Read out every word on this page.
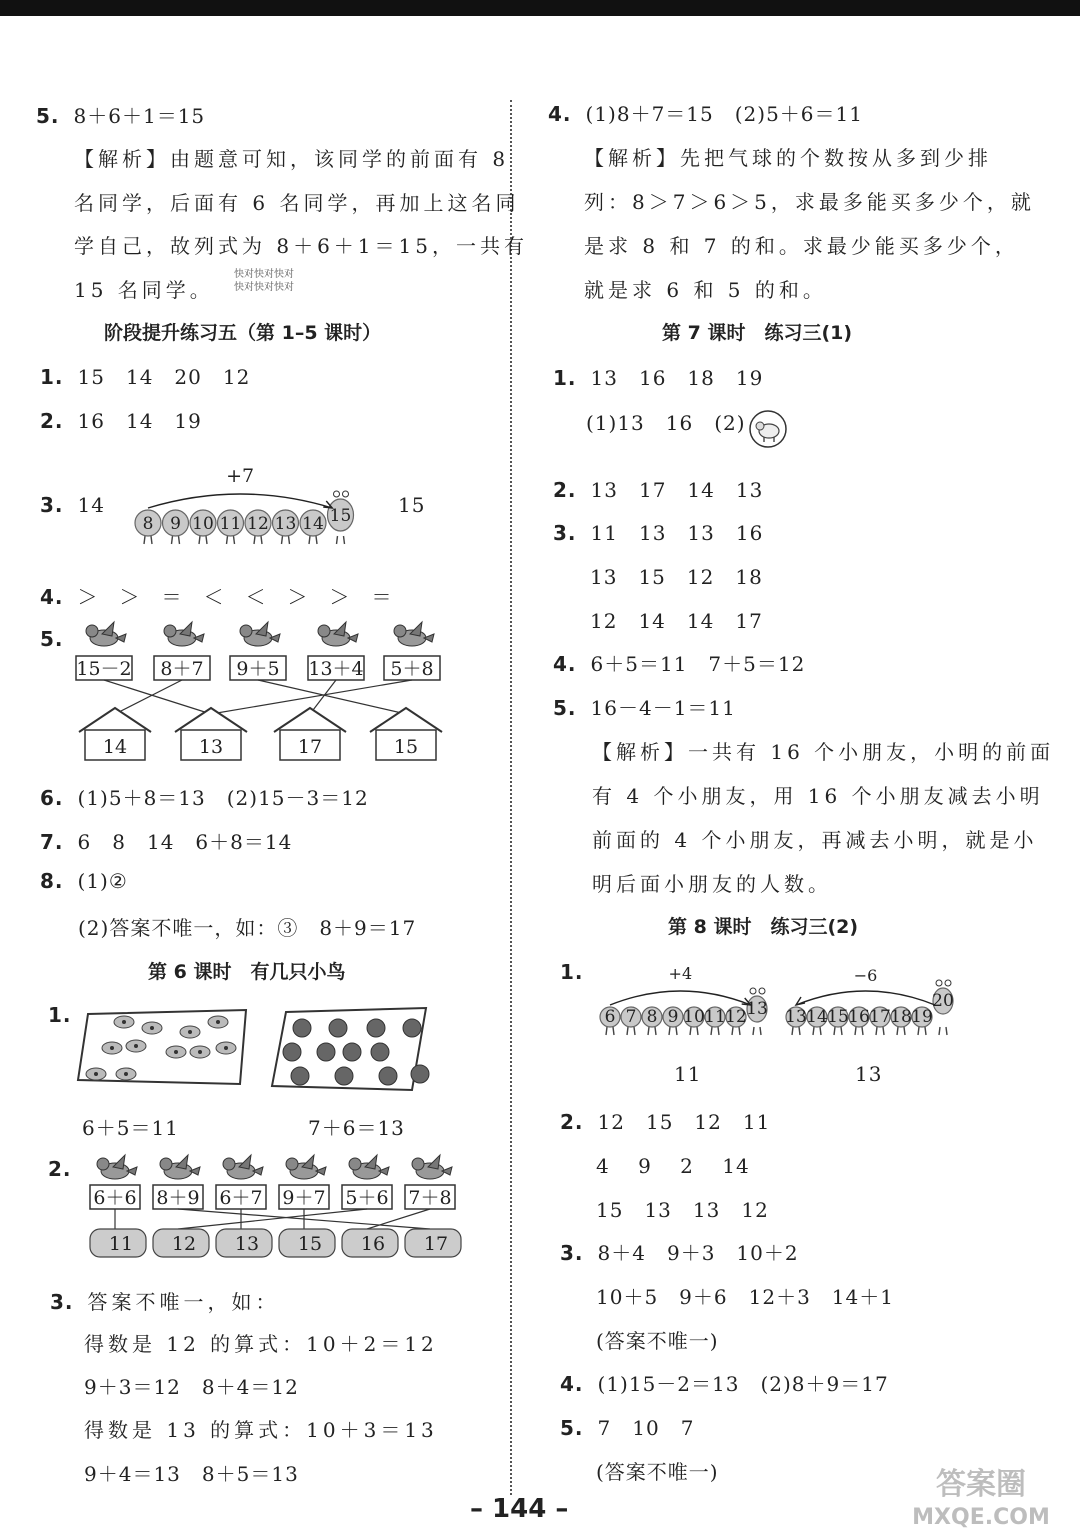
5. 8＋6＋1＝15
【解析】由题意可知，该同学的前面有 8
名同学，后面有 6 名同学，再加上这名同
学自己，故列式为 8＋6＋1＝15，一共有
15 名同学。
快对快对快对
快对快对快对
阶段提升练习五（第 1–5 课时）
1. 15　14　20　12
2. 16　14　19
3. 14	15
8 9 10 11 12 13 14 15
+7
4. ＞　＞　＝　＜　＜　＞　＞　＝
5.
15－2 8＋7 9＋5 13＋4 5＋8
14	13	17	15
6. (1)5＋8＝13　(2)15－3＝12
7. 6　8　14　6＋8＝14
8. (1)②
(2)答案不唯一，如：③　8＋9＝17
第 6 课时　有几只小鸟
1.
6＋5＝11	7＋6＝13
2.
6＋6 8＋9 6＋7 9＋7 5＋6 7＋8
11 12 13 15 16 17
3. 答案不唯一，如：
得数是 12 的算式：10＋2＝12
9＋3＝12　8＋4＝12
得数是 13 的算式：10＋3＝13
9＋4＝13　8＋5＝13
4. (1)8＋7＝15　(2)5＋6＝11
【解析】先把气球的个数按从多到少排
列：8＞7＞6＞5，求最多能买多少个，就
是求 8 和 7 的和。求最少能买多少个，
就是求 6 和 5 的和。
第 7 课时　练习三(1)
1. 13　16　18　19
(1)13　16　(2)
2. 13　17　14　13
3. 11　13　13　16
13　15　12　18
12　14　14　17
4. 6＋5＝11　7＋5＝12
5. 16－4－1＝11
【解析】一共有 16 个小朋友，小明的前面
有 4 个小朋友，用 16 个小朋友减去小明
前面的 4 个小朋友，再减去小明，就是小
明后面小朋友的人数。
第 8 课时　练习三(2)
1.
6 7 8 9 10 11 12 13
+4
13 14 15 16 17 18 19
20
−6
11	13
2. 12　15　12　11
4　 9　 2　 14
15　13　13　12
3. 8＋4　9＋3　10＋2
10＋5　9＋6　12＋3　14＋1
(答案不唯一)
4. (1)15－2＝13　(2)8＋9＝17
5. 7　10　7
(答案不唯一)
– 144 –
答案圈
MXQE.COM
